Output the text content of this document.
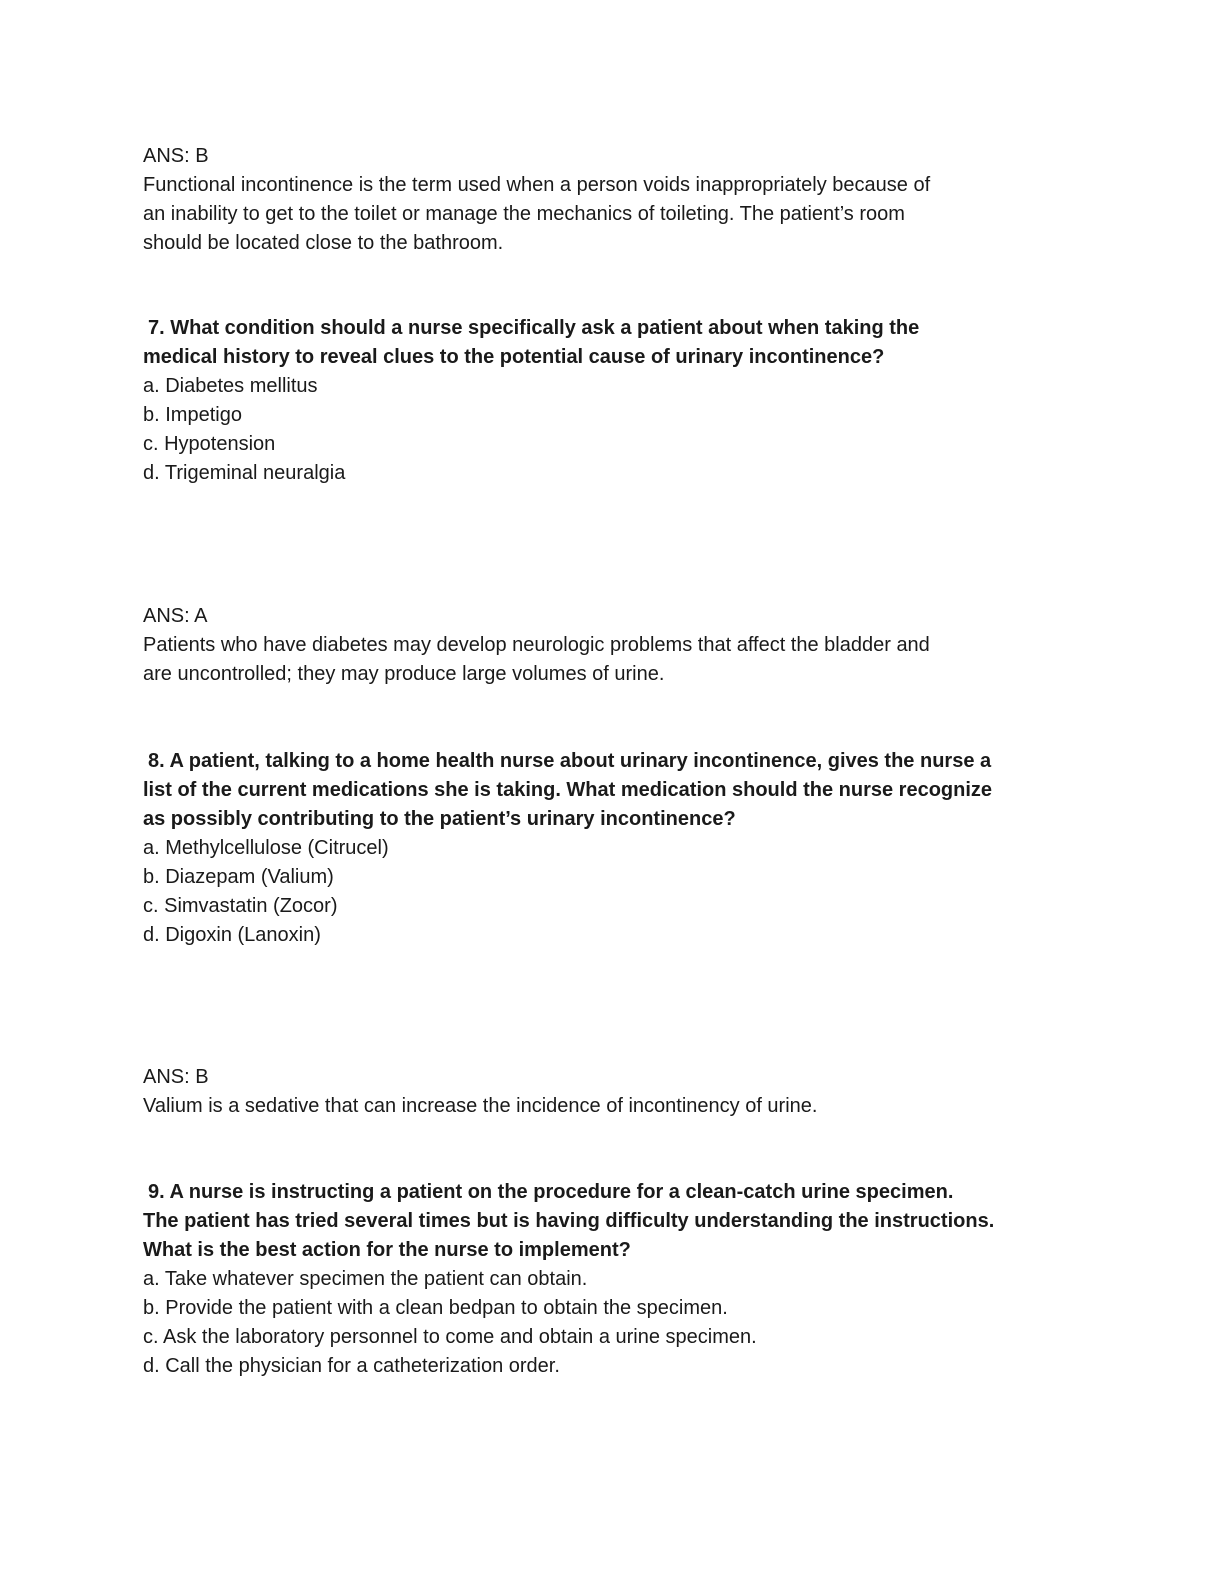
ANS: B
Functional incontinence is the term used when a person voids inappropriately because of
an inability to get to the toilet or manage the mechanics of toileting. The patient’s room
should be located close to the bathroom.
7. What condition should a nurse specifically ask a patient about when taking the
medical history to reveal clues to the potential cause of urinary incontinence?
a. Diabetes mellitus
b. Impetigo
c. Hypotension
d. Trigeminal neuralgia
ANS: A
Patients who have diabetes may develop neurologic problems that affect the bladder and
are uncontrolled; they may produce large volumes of urine.
8. A patient, talking to a home health nurse about urinary incontinence, gives the nurse a
list of the current medications she is taking. What medication should the nurse recognize
as possibly contributing to the patient’s urinary incontinence?
a. Methylcellulose (Citrucel)
b. Diazepam (Valium)
c. Simvastatin (Zocor)
d. Digoxin (Lanoxin)
ANS: B
Valium is a sedative that can increase the incidence of incontinency of urine.
9. A nurse is instructing a patient on the procedure for a clean-catch urine specimen.
The patient has tried several times but is having difficulty understanding the instructions.
What is the best action for the nurse to implement?
a. Take whatever specimen the patient can obtain.
b. Provide the patient with a clean bedpan to obtain the specimen.
c. Ask the laboratory personnel to come and obtain a urine specimen.
d. Call the physician for a catheterization order.
